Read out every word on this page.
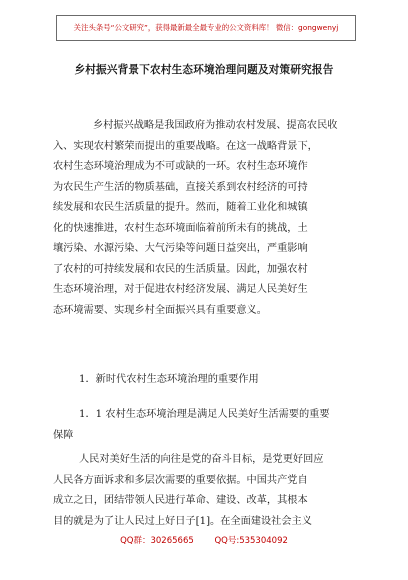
关注头条号“公文研究”，获得最新最全最专业的公文资料库！ 微信：gongwenyj
乡村振兴背景下农村生态环境治理问题及对策研究报告
乡村振兴战略是我国政府为推动农村发展、提高农民收
入、实现农村繁荣而提出的重要战略。在这一战略背景下，
农村生态环境治理成为不可或缺的一环。农村生态环境作
为农民生产生活的物质基础，直接关系到农村经济的可持
续发展和农民生活质量的提升。然而，随着工业化和城镇
化的快速推进，农村生态环境面临着前所未有的挑战，土
壤污染、水源污染、大气污染等问题日益突出，严重影响
了农村的可持续发展和农民的生活质量。因此，加强农村
生态环境治理，对于促进农村经济发展、满足人民美好生
态环境需要、实现乡村全面振兴具有重要意义。
1．新时代农村生态环境治理的重要作用
1．1 农村生态环境治理是满足人民美好生活需要的重要
保障
人民对美好生活的向往是党的奋斗目标，是党更好回应
人民各方面诉求和多层次需要的重要依据。中国共产党自
成立之日，团结带领人民进行革命、建设、改革，其根本
目的就是为了让人民过上好日子[1]。在全面建设社会主义
QQ群：30265665 QQ号:535304092
